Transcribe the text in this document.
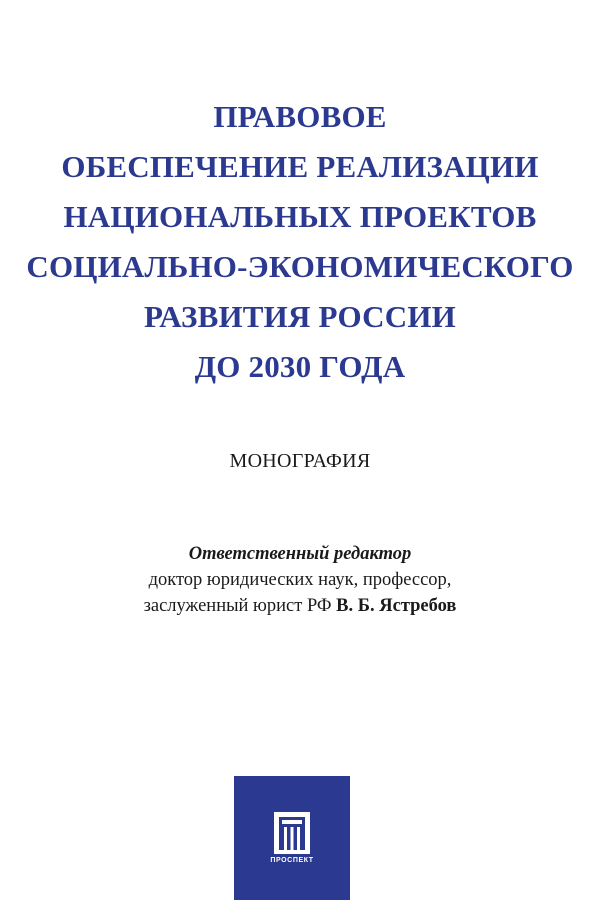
ПРАВОВОЕ
ОБЕСПЕЧЕНИЕ РЕАЛИЗАЦИИ
НАЦИОНАЛЬНЫХ ПРОЕКТОВ
СОЦИАЛЬНО-ЭКОНОМИЧЕСКОГО
РАЗВИТИЯ РОССИИ
ДО 2030 ГОДА
МОНОГРАФИЯ
Ответственный редактор
доктор юридических наук, профессор,
заслуженный юрист РФ В. Б. Ястребов
ПРОСПЕКТ
